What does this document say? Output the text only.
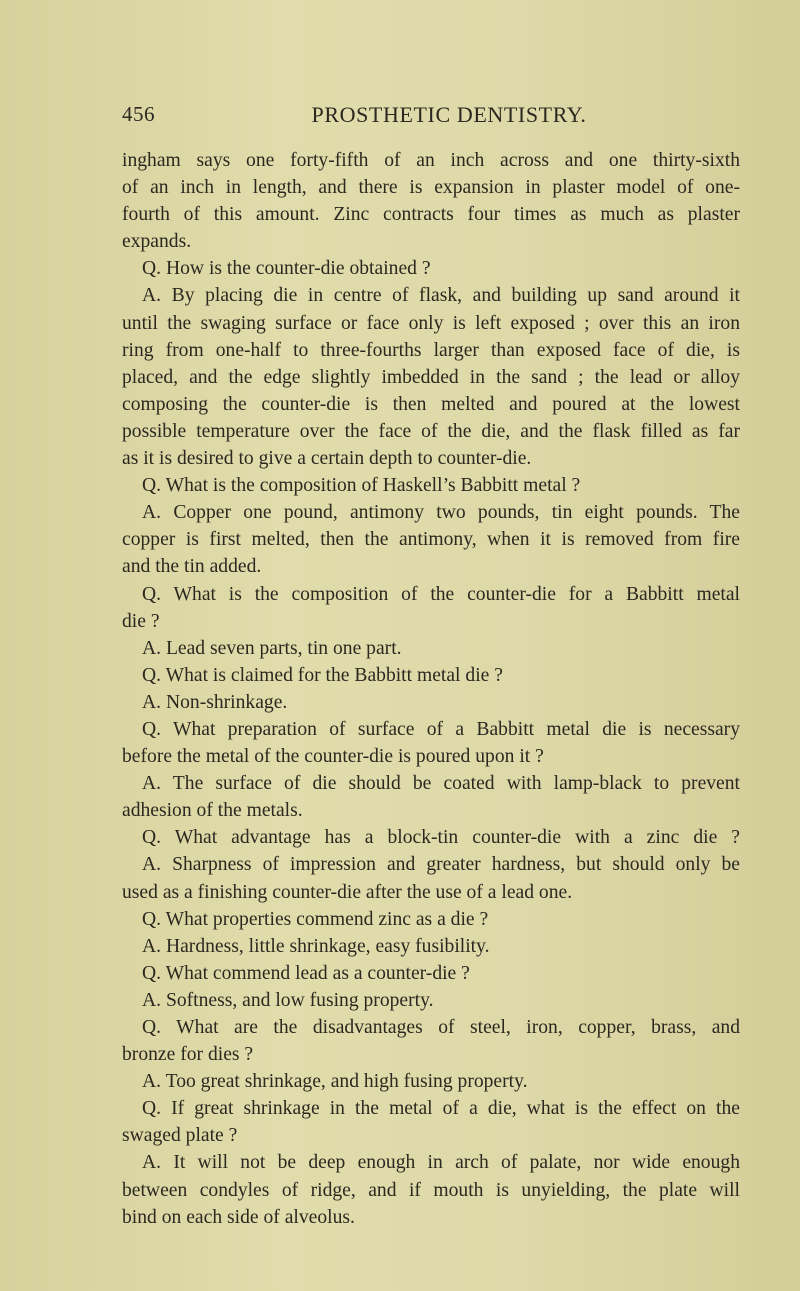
456	PROSTHETIC DENTISTRY.
ingham says one forty-fifth of an inch across and one thirty-sixth
of an inch in length, and there is expansion in plaster model of one-
fourth of this amount. Zinc contracts four times as much as plaster
expands.
Q. How is the counter-die obtained ?
A. By placing die in centre of flask, and building up sand around it
until the swaging surface or face only is left exposed ; over this an iron
ring from one-half to three-fourths larger than exposed face of die, is
placed, and the edge slightly imbedded in the sand ; the lead or alloy
composing the counter-die is then melted and poured at the lowest
possible temperature over the face of the die, and the flask filled as far
as it is desired to give a certain depth to counter-die.
Q. What is the composition of Haskell’s Babbitt metal ?
A. Copper one pound, antimony two pounds, tin eight pounds. The
copper is first melted, then the antimony, when it is removed from fire
and the tin added.
Q. What is the composition of the counter-die for a Babbitt metal
die ?
A. Lead seven parts, tin one part.
Q. What is claimed for the Babbitt metal die ?
A. Non-shrinkage.
Q. What preparation of surface of a Babbitt metal die is necessary
before the metal of the counter-die is poured upon it ?
A. The surface of die should be coated with lamp-black to prevent
adhesion of the metals.
Q. What advantage has a block-tin counter-die with a zinc die ?
A. Sharpness of impression and greater hardness, but should only be
used as a finishing counter-die after the use of a lead one.
Q. What properties commend zinc as a die ?
A. Hardness, little shrinkage, easy fusibility.
Q. What commend lead as a counter-die ?
A. Softness, and low fusing property.
Q. What are the disadvantages of steel, iron, copper, brass, and
bronze for dies ?
A. Too great shrinkage, and high fusing property.
Q. If great shrinkage in the metal of a die, what is the effect on the
swaged plate ?
A. It will not be deep enough in arch of palate, nor wide enough
between condyles of ridge, and if mouth is unyielding, the plate will
bind on each side of alveolus.
